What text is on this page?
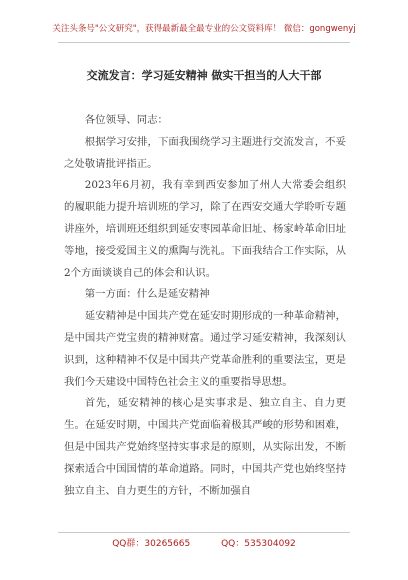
关注头条号"公文研究"，获得最新最全最专业的公文资料库！ 微信：gongwenyj
交流发言：学习延安精神 做实干担当的人大干部

各位领导、同志：

根据学习安排，下面我围绕学习主题进行交流发言，不妥之处敬请批评指正。

2023年6月初，我有幸到西安参加了州人大常委会组织的履职能力提升培训班的学习，除了在西安交通大学聆听专题讲座外，培训班还组织到延安枣园革命旧址、杨家岭革命旧址等地，接受爱国主义的熏陶与洗礼。下面我结合工作实际，从2个方面谈谈自己的体会和认识。

第一方面：什么是延安精神

延安精神是中国共产党在延安时期形成的一种革命精神，是中国共产党宝贵的精神财富。通过学习延安精神，我深刻认识到，这种精神不仅是中国共产党革命胜利的重要法宝，更是我们今天建设中国特色社会主义的重要指导思想。

首先，延安精神的核心是实事求是、独立自主、自力更生。在延安时期，中国共产党面临着极其严峻的形势和困难，但是中国共产党始终坚持实事求是的原则，从实际出发，不断探索适合中国国情的革命道路。同时，中国共产党也始终坚持独立自主、自力更生的方针，不断加强自

QQ群：30265665	QQ：535304092
